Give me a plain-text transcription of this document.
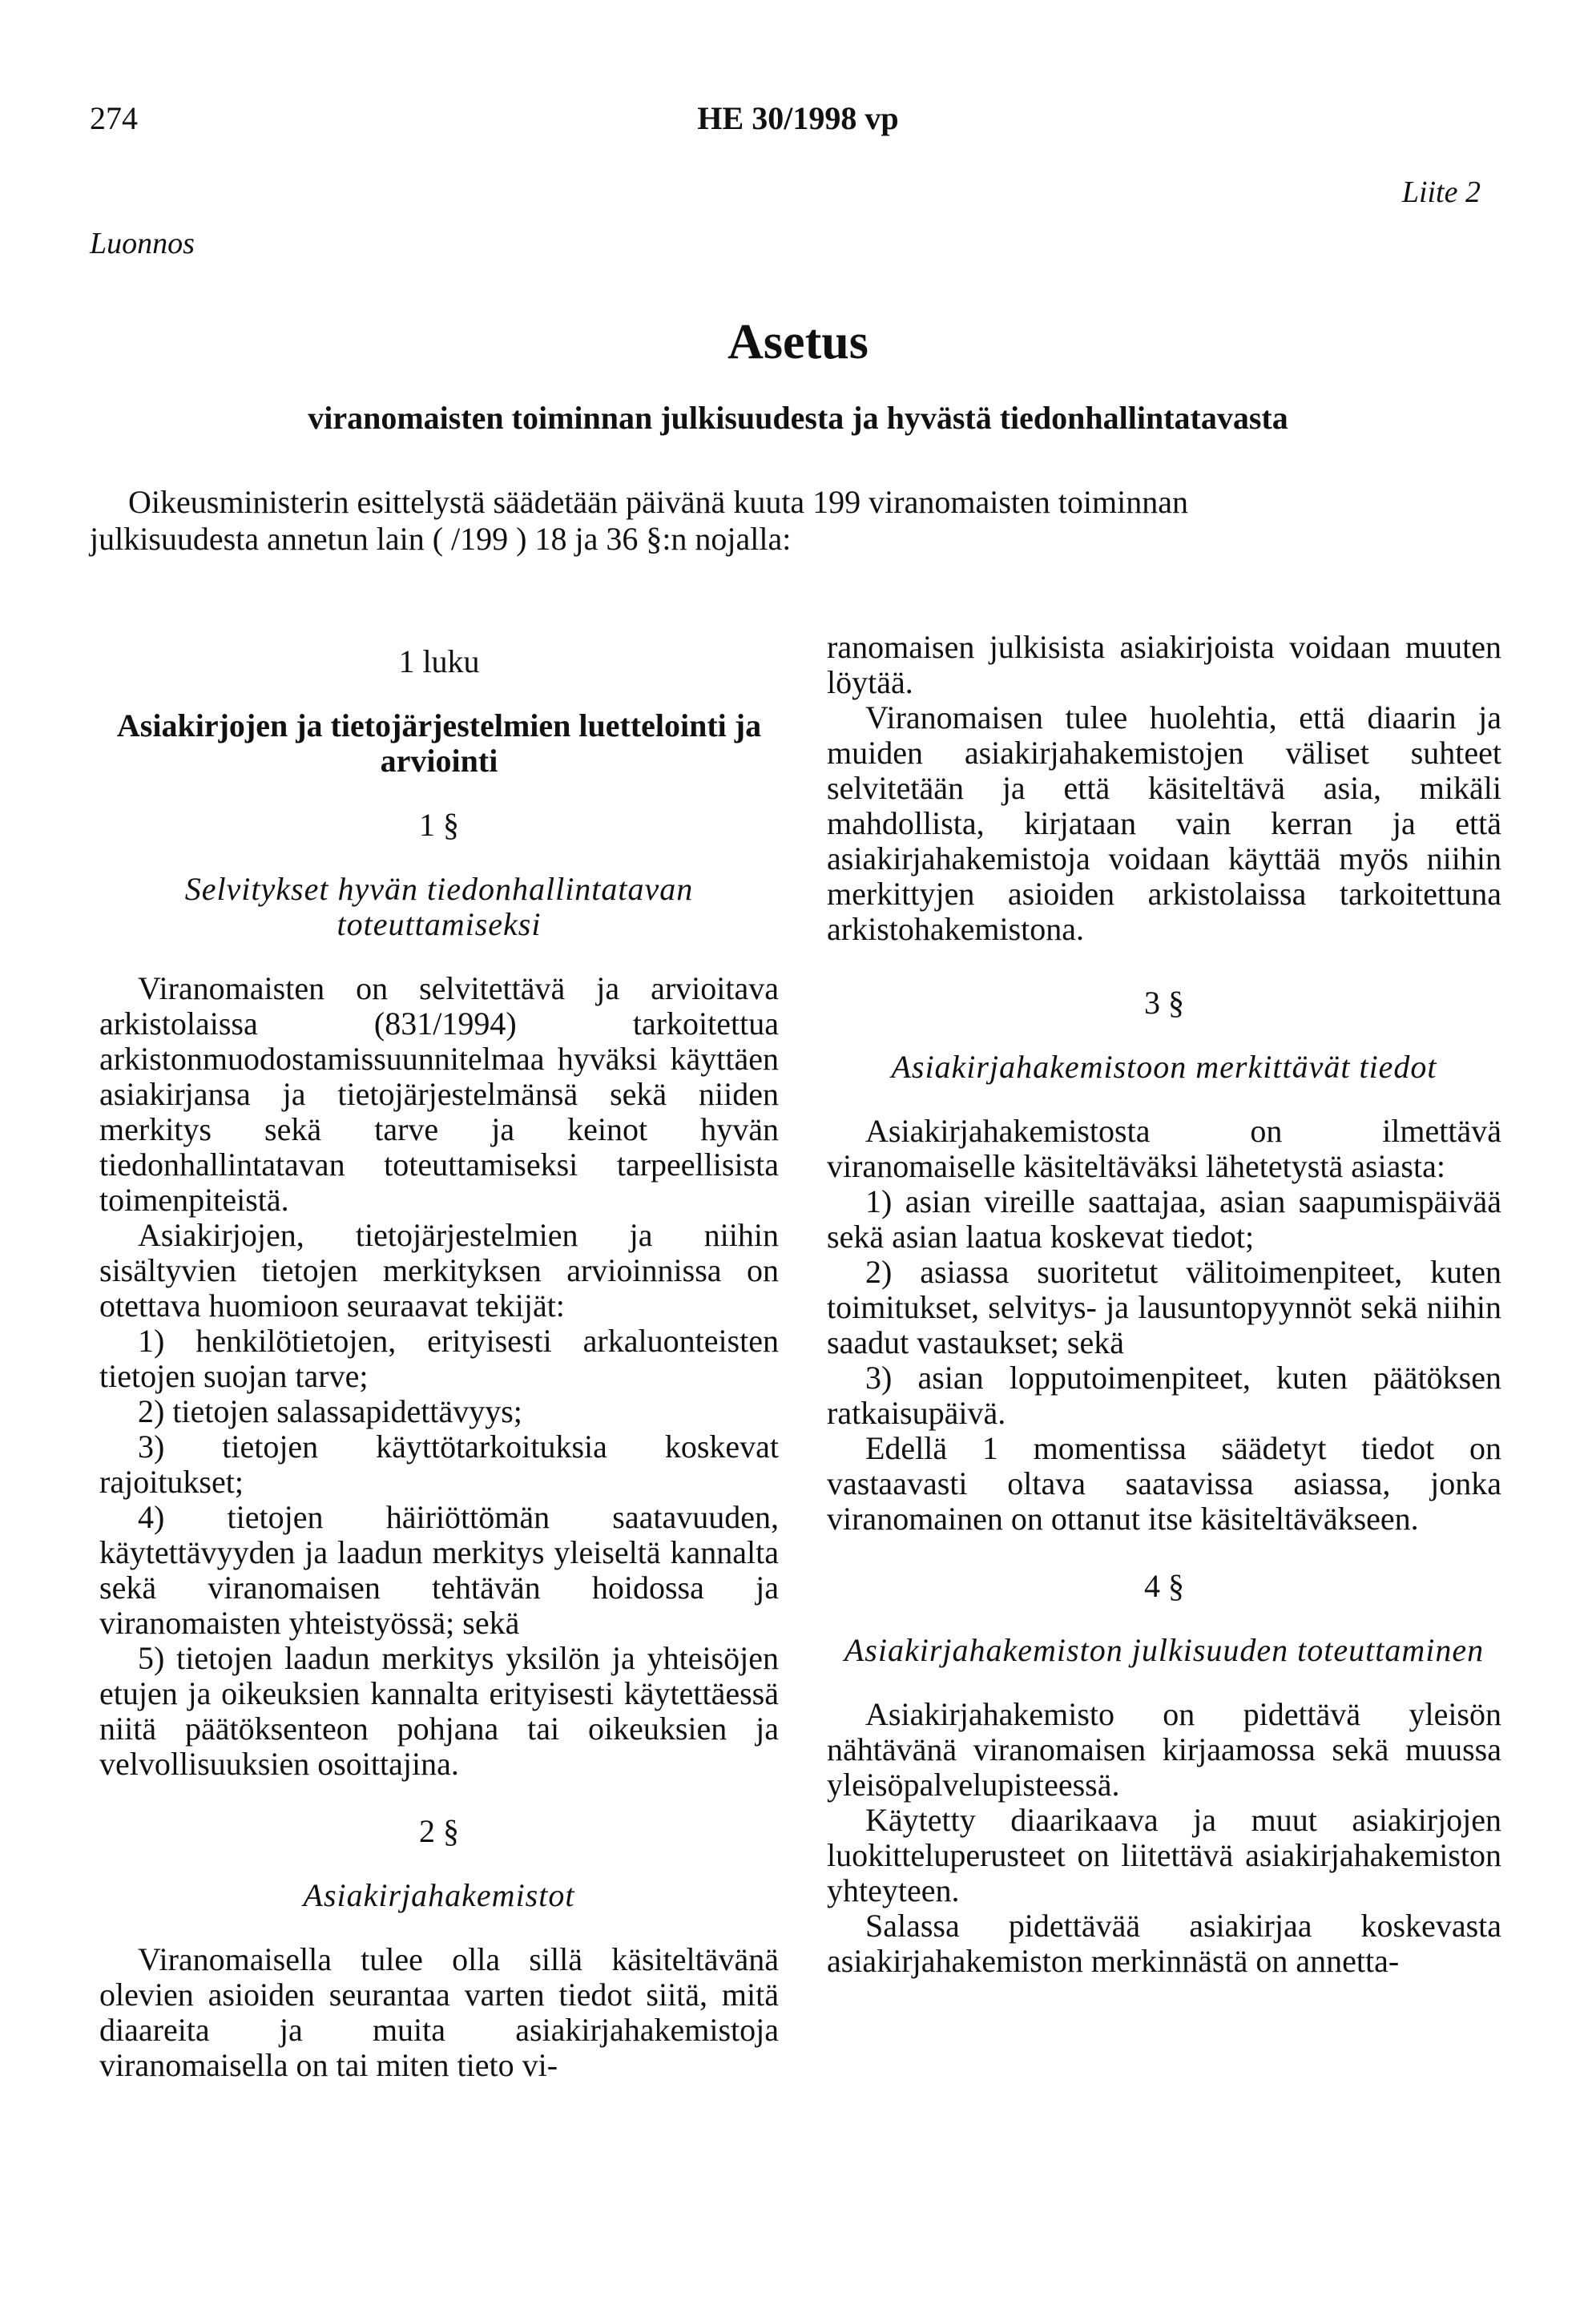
274	HE 30/1998 vp
Liite 2
Luonnos
Asetus
viranomaisten toiminnan julkisuudesta ja hyvästä tiedonhallintatavasta

Oikeusministerin esittelystä säädetään päivänä kuuta 199 viranomaisten toiminnan

julkisuudesta annetun lain ( /199 ) 18 ja 36 §:n nojalla:

1 luku
Asiakirjojen ja tietojärjestelmien luettelointi ja arviointi
1 §
Selvitykset hyvän tiedonhallintatavan toteuttamiseksi

Viranomaisten on selvitettävä ja arvioitava arkistolaissa (831/1994) tarkoitettua arkistonmuodostamissuunnitelmaa hyväksi käyttäen asiakirjansa ja tietojärjestelmänsä sekä niiden merkitys sekä tarve ja keinot hyvän tiedonhallintatavan toteuttamiseksi tarpeellisista toimenpiteistä.

Asiakirjojen, tietojärjestelmien ja niihin sisältyvien tietojen merkityksen arvioinnissa on otettava huomioon seuraavat tekijät:

1) henkilötietojen, erityisesti arkaluonteisten tietojen suojan tarve;

2) tietojen salassapidettävyys;

3) tietojen käyttötarkoituksia koskevat rajoitukset;

4) tietojen häiriöttömän saatavuuden, käytettävyyden ja laadun merkitys yleiseltä kannalta sekä viranomaisen tehtävän hoidossa ja viranomaisten yhteistyössä; sekä

5) tietojen laadun merkitys yksilön ja yhteisöjen etujen ja oikeuksien kannalta erityisesti käytettäessä niitä päätöksenteon pohjana tai oikeuksien ja velvollisuuksien osoittajina.

2 §
Asiakirjahakemistot

Viranomaisella tulee olla sillä käsiteltävänä olevien asioiden seurantaa varten tiedot siitä, mitä diaareita ja muita asiakirjahakemistoja viranomaisella on tai miten tieto vi-

ranomaisen julkisista asiakirjoista voidaan muuten löytää.

Viranomaisen tulee huolehtia, että diaarin ja muiden asiakirjahakemistojen väliset suhteet selvitetään ja että käsiteltävä asia, mikäli mahdollista, kirjataan vain kerran ja että asiakirjahakemistoja voidaan käyttää myös niihin merkittyjen asioiden arkistolaissa tarkoitettuna arkistohakemistona.

3 §
Asiakirjahakemistoon merkittävät tiedot

Asiakirjahakemistosta on ilmettävä viranomaiselle käsiteltäväksi lähetetystä asiasta:

1) asian vireille saattajaa, asian saapumispäivää sekä asian laatua koskevat tiedot;

2) asiassa suoritetut välitoimenpiteet, kuten toimitukset, selvitys- ja lausuntopyynnöt sekä niihin saadut vastaukset; sekä

3) asian lopputoimenpiteet, kuten päätöksen ratkaisupäivä.

Edellä 1 momentissa säädetyt tiedot on vastaavasti oltava saatavissa asiassa, jonka viranomainen on ottanut itse käsiteltäväkseen.

4 §
Asiakirjahakemiston julkisuuden toteuttaminen

Asiakirjahakemisto on pidettävä yleisön nähtävänä viranomaisen kirjaamossa sekä muussa yleisöpalvelupisteessä.

Käytetty diaarikaava ja muut asiakirjojen luokitteluperusteet on liitettävä asiakirjahakemiston yhteyteen.

Salassa pidettävää asiakirjaa koskevasta asiakirjahakemiston merkinnästä on annetta-
